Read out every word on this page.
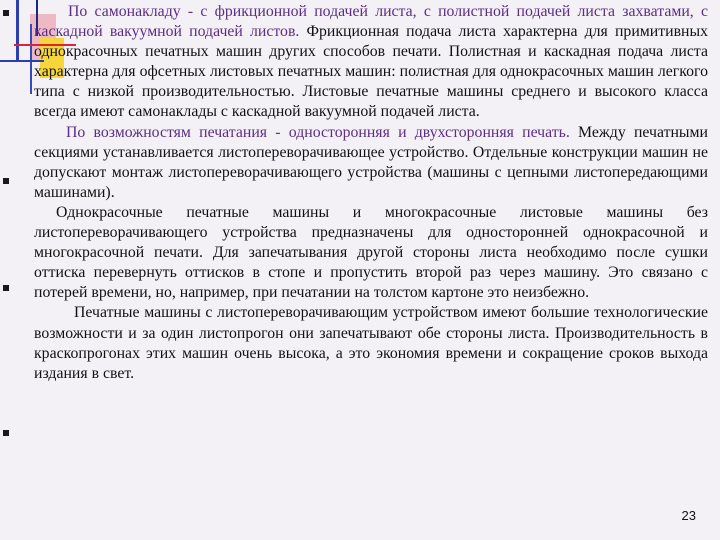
По самонакладу - с фрикционной подачей листа, с полистной подачей листа захватами, с каскадной вакуумной подачей листов. Фрикционная подача листа характерна для примитивных однокрасочных печатных машин других способов печати. Полистная и каскадная подача листа характерна для офсетных листовых печатных машин: полистная для однокрасочных машин легкого типа с низкой производительностью. Листовые печатные машины среднего и высокого класса всегда имеют самонаклады с каскадной вакуумной подачей листа.

По возможностям печатания - односторонняя и двухсторонняя печать. Между печатными секциями устанавливается листопереворачивающее устройство. Отдельные конструкции машин не допускают монтаж листопереворачивающего устройства (машины с цепными листопередающими машинами).

Однокрасочные печатные машины и многокрасочные листовые машины без листопереворачивающего устройства предназначены для односторонней однокрасочной и многокрасочной печати. Для запечатывания другой стороны листа необходимо после сушки оттиска перевернуть оттисков в стопе и пропустить второй раз через машину. Это связано с потерей времени, но, например, при печатании на толстом картоне это неизбежно.

Печатные машины с листопереворачивающим устройством имеют большие технологические возможности и за один листопрогон они запечатывают обе стороны листа. Производительность в краскопрогонах этих машин очень высока, а это экономия времени и сокращение сроков выхода издания в свет.

23
